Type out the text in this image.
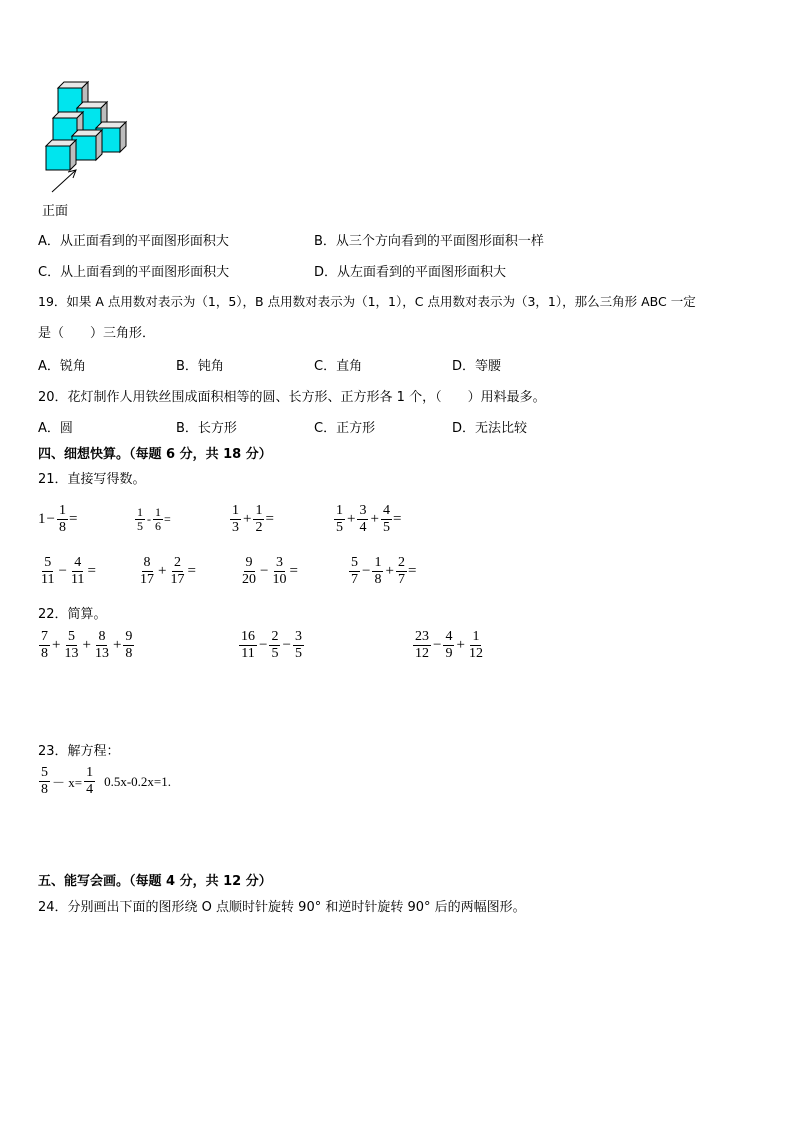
正面
A．从正面看到的平面图形面积大	B．从三个方向看到的平面图形面积一样
C．从上面看到的平面图形面积大	D．从左面看到的平面图形面积大
19．如果 A 点用数对表示为（1，5），B 点用数对表示为（1，1），C 点用数对表示为（3，1），那么三角形 ABC 一定
是（　　）三角形．
A．锐角	B．钝角	C．直角	D．等腰
20．花灯制作人用铁丝围成面积相等的圆、长方形、正方形各 1 个，（　　）用料最多。
A．圆	B．长方形	C．正方形	D．无法比较
四、细想快算。（每题 6 分，共 18 分）
21．直接写得数。
$1 - \frac{1}{8}$ =	$\frac{1}{5} - \frac{1}{6}$ =	$\frac{1}{3} + \frac{1}{2}$ =	$\frac{1}{5} + \frac{3}{4} + \frac{4}{5}$ =
$\frac{5}{11} - \frac{4}{11}$ =	$\frac{8}{17} + \frac{2}{17}$ =	$\frac{9}{20} - \frac{3}{10}$ =	$\frac{5}{7} - \frac{1}{8} + \frac{2}{7}$ =
22．简算。
$\frac{7}{8} + \frac{5}{13} + \frac{8}{13} + \frac{9}{8}$	$\frac{16}{11} - \frac{2}{5} - \frac{3}{5}$	$\frac{23}{12} - \frac{4}{9} + \frac{1}{12}$
23．解方程：
$\frac{5}{8} - x= \frac{1}{4} 0.5x-0.2x=1$.
五、能写会画。（每题 4 分，共 12 分）
24．分别画出下面的图形绕 O 点顺时针旋转 90° 和逆时针旋转 90° 后的两幅图形。
